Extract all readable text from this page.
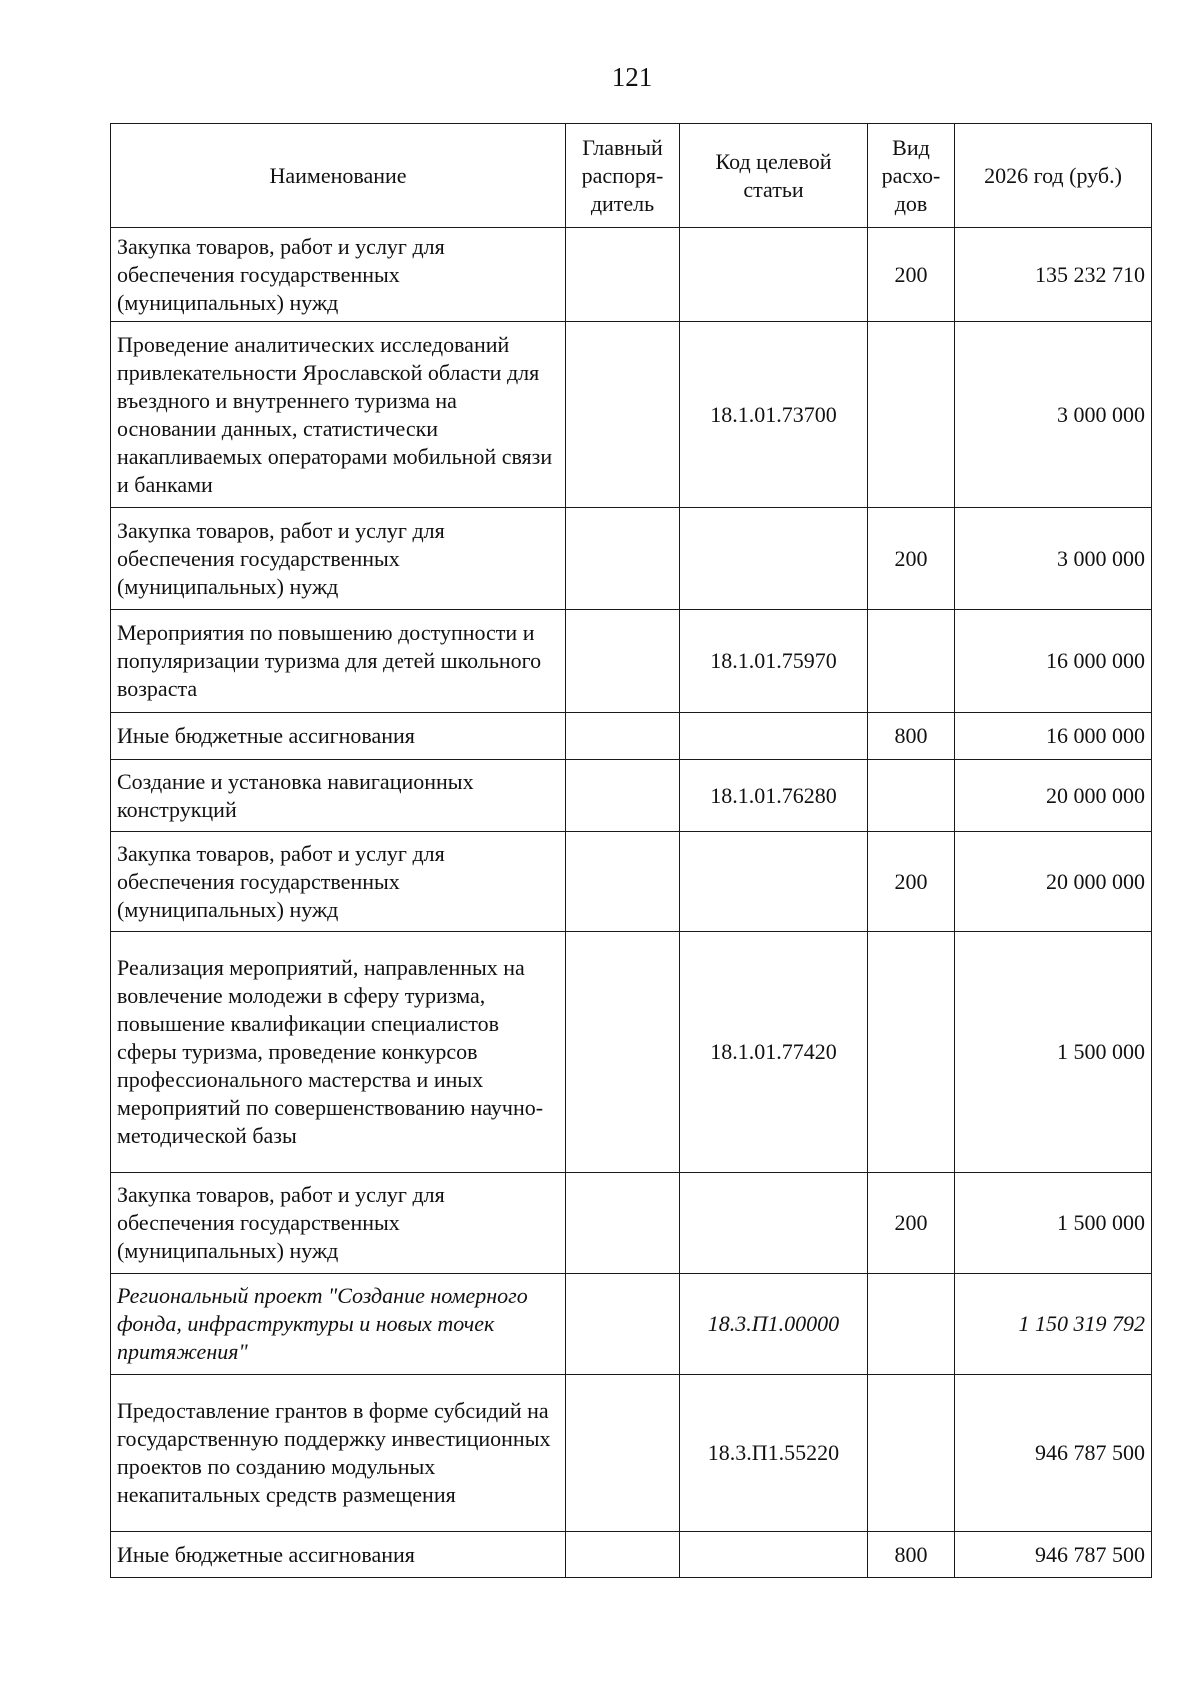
121
Наименование	Главный распоря- дитель	Код целевой статьи	Вид расхо- дов	2026 год (руб.)
Закупка товаров, работ и услуг для обеспечения государственных (муниципальных) нужд			200	135 232 710
Проведение аналитических исследований привлекательности Ярославской области для въездного и внутреннего туризма на основании данных, статистически накапливаемых операторами мобильной связи и банками		18.1.01.73700		3 000 000
Закупка товаров, работ и услуг для обеспечения государственных (муниципальных) нужд			200	3 000 000
Мероприятия по повышению доступности и популяризации туризма для детей школьного возраста		18.1.01.75970		16 000 000
Иные бюджетные ассигнования			800	16 000 000
Создание и установка навигационных конструкций		18.1.01.76280		20 000 000
Закупка товаров, работ и услуг для обеспечения государственных (муниципальных) нужд			200	20 000 000
Реализация мероприятий, направленных на вовлечение молодежи в сферу туризма, повышение квалификации специалистов сферы туризма, проведение конкурсов профессионального мастерства и иных мероприятий по совершенствованию научно-методической базы		18.1.01.77420		1 500 000
Закупка товаров, работ и услуг для обеспечения государственных (муниципальных) нужд			200	1 500 000
Региональный проект "Создание номерного фонда, инфраструктуры и новых точек притяжения"		18.3.П1.00000		1 150 319 792
Предоставление грантов в форме субсидий на государственную поддержку инвестиционных проектов по созданию модульных некапитальных средств размещения		18.3.П1.55220		946 787 500
Иные бюджетные ассигнования			800	946 787 500
